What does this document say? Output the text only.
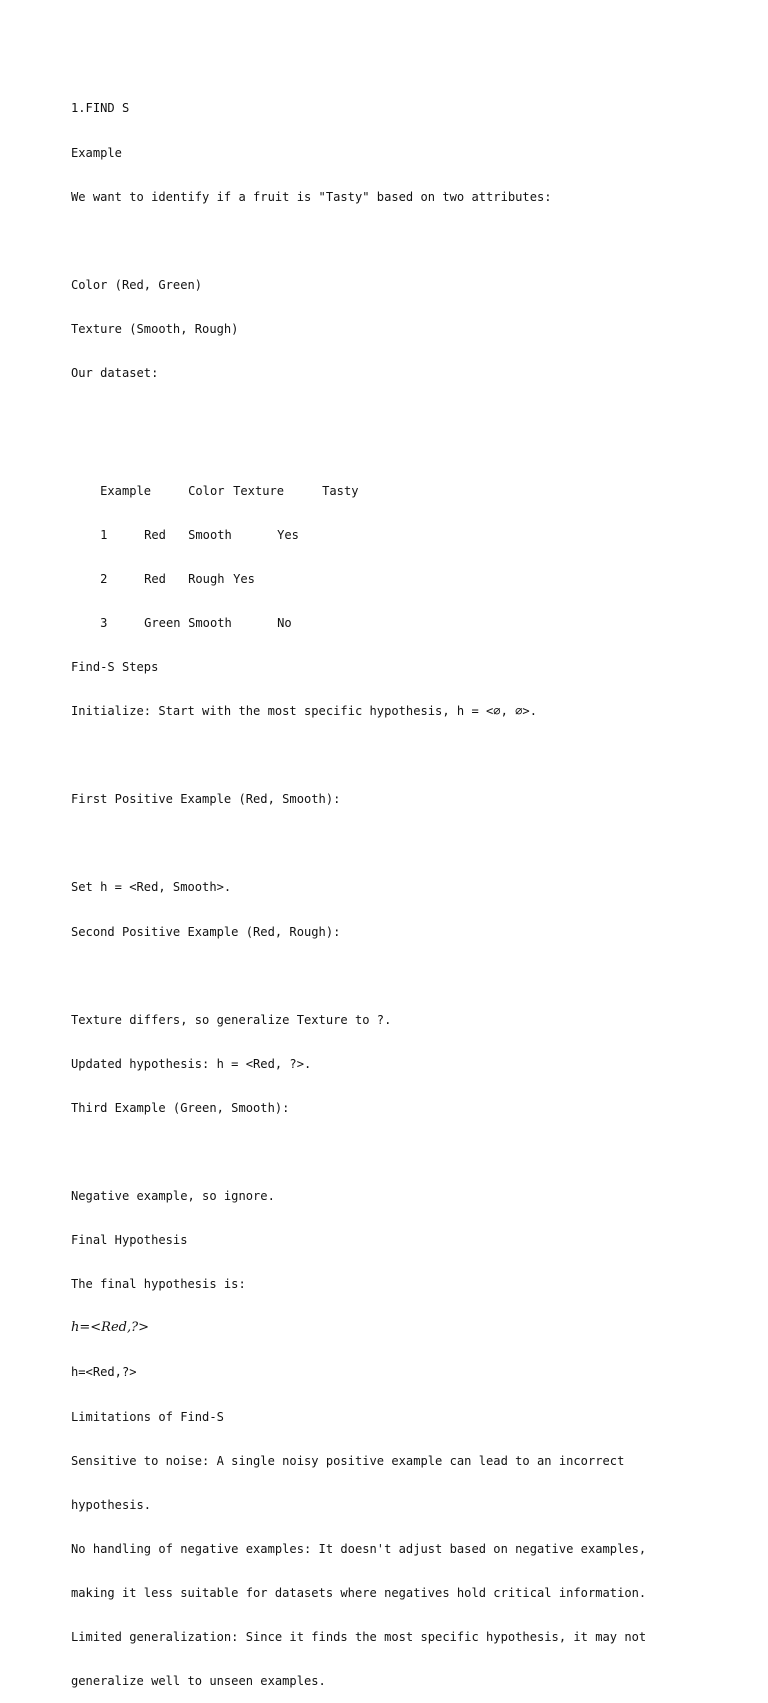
1.FIND S

Example

We want to identify if a fruit is "Tasty" based on two attributes:

Color (Red, Green)

Texture (Smooth, Rough)

Our dataset:

Example	Color Texture	Tasty

1	Red Smooth	Yes

2	Red Rough Yes

3	Green Smooth	No

Find-S Steps

Initialize: Start with the most specific hypothesis, h = <∅, ∅>.

First Positive Example (Red, Smooth):

Set h = <Red, Smooth>.

Second Positive Example (Red, Rough):

Texture differs, so generalize Texture to ?.

Updated hypothesis: h = <Red, ?>.

Third Example (Green, Smooth):

Negative example, so ignore.

Final Hypothesis

The final hypothesis is:

h=<Red,?>

h=<Red,?>

Limitations of Find-S

Sensitive to noise: A single noisy positive example can lead to an incorrect

hypothesis.

No handling of negative examples: It doesn't adjust based on negative examples,

making it less suitable for datasets where negatives hold critical information.

Limited generalization: Since it finds the most specific hypothesis, it may not

generalize well to unseen examples.
